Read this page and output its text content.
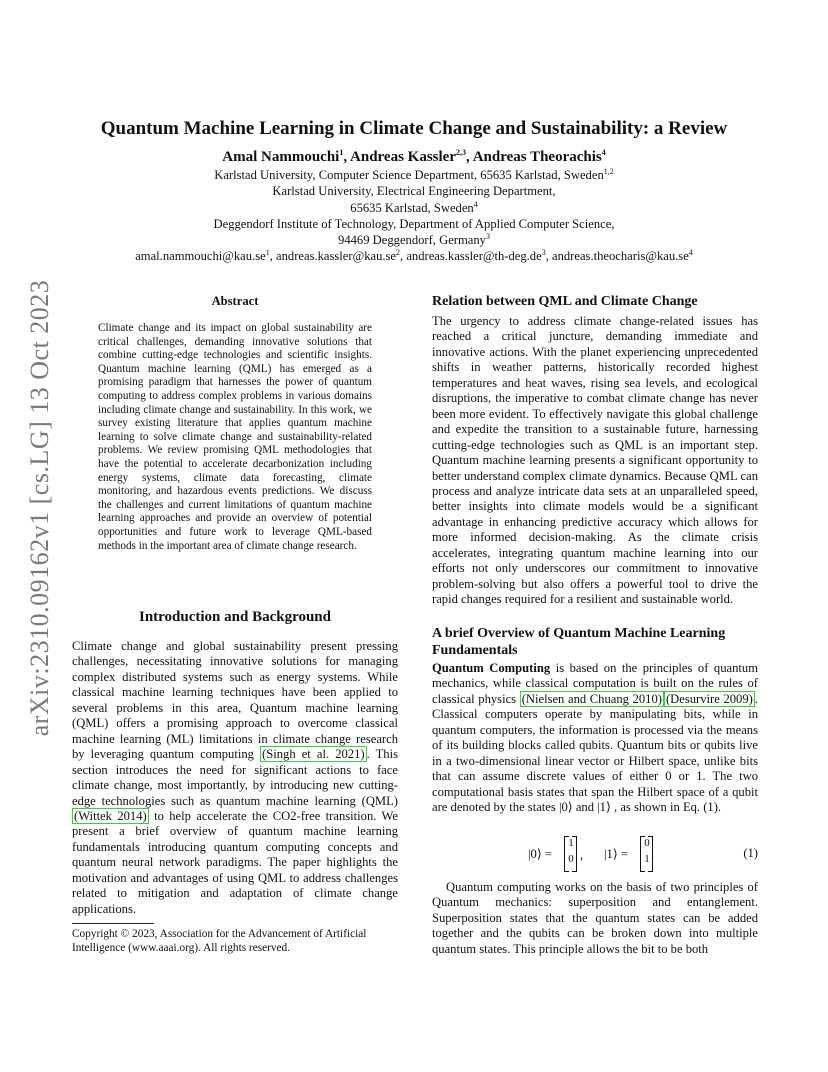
arXiv:2310.09162v1 [cs.LG] 13 Oct 2023
Quantum Machine Learning in Climate Change and Sustainability: a Review
Amal Nammouchi$^1$, Andreas Kassler$^{2,3}$, Andreas Theorachis$^4$
Karlstad University, Computer Science Department, 65635 Karlstad, Sweden$^{1,2}$
Karlstad University, Electrical Engineering Department,
65635 Karlstad, Sweden$^4$
Deggendorf Institute of Technology, Department of Applied Computer Science,
94469 Deggendorf, Germany$^3$
$amal.nammouchi@kau.se^1$, $andreas.kassler@kau.se^2$, $andreas.kassler@th-deg.de^3$, $andreas.theocharis@kau.se^4$
Abstract
Climate change and its impact on global sustainability are critical challenges, demanding innovative solutions that combine cutting-edge technologies and scientific insights. Quantum machine learning (QML) has emerged as a promising paradigm that harnesses the power of quantum computing to address complex problems in various domains including climate change and sustainability. In this work, we survey existing literature that applies quantum machine learning to solve climate change and sustainability-related problems. We review promising QML methodologies that have the potential to accelerate decarbonization including energy systems, climate data forecasting, climate monitoring, and hazardous events predictions. We discuss the challenges and current limitations of quantum machine learning approaches and provide an overview of potential opportunities and future work to leverage QML-based methods in the important area of climate change research.
Introduction and Background
Climate change and global sustainability present pressing challenges, necessitating innovative solutions for managing complex distributed systems such as energy systems. While classical machine learning techniques have been applied to several problems in this area, Quantum machine learning (QML) offers a promising approach to overcome classical machine learning (ML) limitations in climate change research by leveraging quantum computing (Singh et al. 2021) . This section introduces the need for significant actions to face climate change, most importantly, by introducing new cutting-edge technologies such as quantum machine learning (QML) (Wittek 2014) to help accelerate the CO2-free transition. We present a brief overview of quantum machine learning fundamentals introducing quantum computing concepts and quantum neural network paradigms. The paper highlights the motivation and advantages of using QML to address challenges related to mitigation and adaptation of climate change applications.
Copyright © 2023, Association for the Advancement of Artificial Intelligence (www.aaai.org). All rights reserved.
Relation between QML and Climate Change
The urgency to address climate change-related issues has reached a critical juncture, demanding immediate and innovative actions. With the planet experiencing unprecedented shifts in weather patterns, historically recorded highest temperatures and heat waves, rising sea levels, and ecological disruptions, the imperative to combat climate change has never been more evident. To effectively navigate this global challenge and expedite the transition to a sustainable future, harnessing cutting-edge technologies such as QML is an important step. Quantum machine learning presents a significant opportunity to better understand complex climate dynamics. Because QML can process and analyze intricate data sets at an unparalleled speed, better insights into climate models would be a significant advantage in enhancing predictive accuracy which allows for more informed decision-making. As the climate crisis accelerates, integrating quantum machine learning into our efforts not only underscores our commitment to innovative problem-solving but also offers a powerful tool to drive the rapid changes required for a resilient and sustainable world.
A brief Overview of Quantum Machine Learning Fundamentals
Quantum Computing is based on the principles of quantum mechanics, while classical computation is built on the rules of classical physics (Nielsen and Chuang 2010) (Desurvire 2009) . Classical computers operate by manipulating bits, while in quantum computers, the information is processed via the means of its building blocks called qubits. Quantum bits or qubits live in a two-dimensional linear vector or Hilbert space, unlike bits that can assume discrete values of either 0 or 1. The two computational basis states that span the Hilbert space of a qubit are denoted by the states |0⟩ and |1⟩ , as shown in Eq. (1).
|0⟩ =
1
0 , |1⟩ =
0
1	(1)
Quantum computing works on the basis of two principles of Quantum mechanics: superposition and entanglement. Superposition states that the quantum states can be added together and the qubits can be broken down into multiple quantum states. This principle allows the bit to be both
